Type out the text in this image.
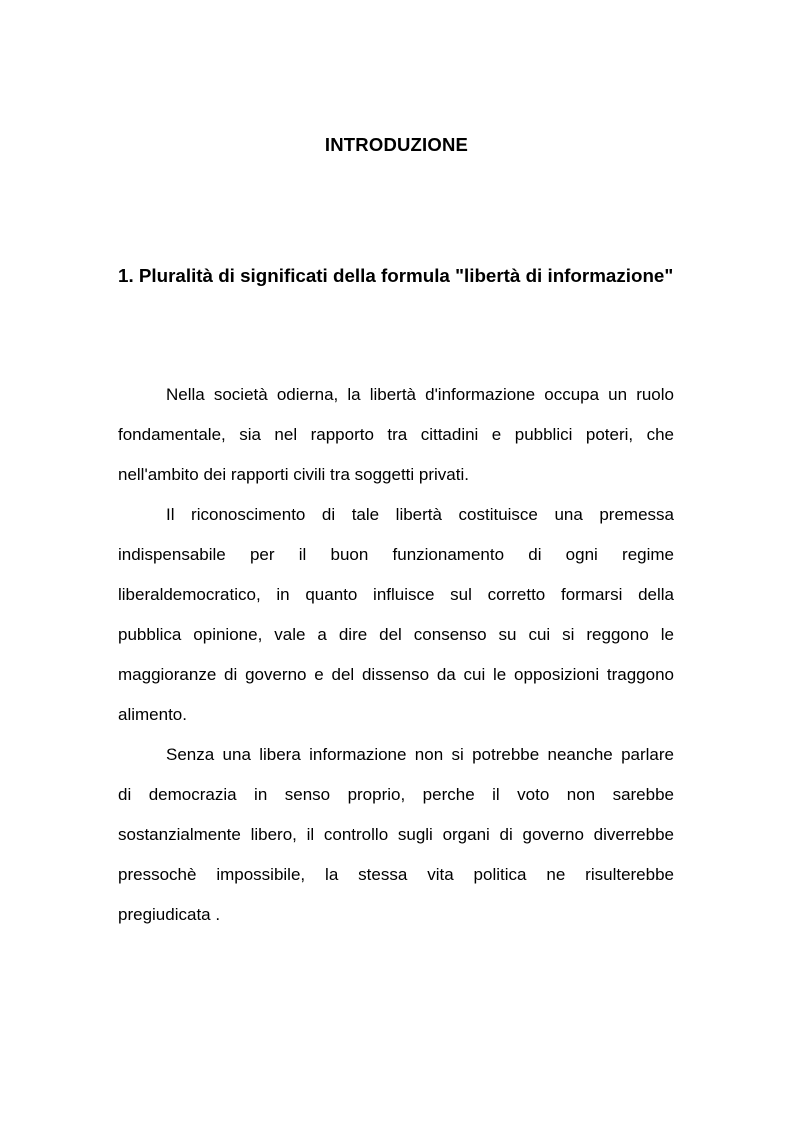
INTRODUZIONE
1. Pluralità di significati della formula "libertà di informazione"
Nella società odierna, la libertà d'informazione occupa un ruolo
fondamentale, sia nel rapporto tra cittadini e pubblici poteri, che
nell'ambito dei rapporti civili tra soggetti privati.
Il riconoscimento di tale libertà costituisce una premessa
indispensabile per il buon funzionamento di ogni regime
liberaldemocratico, in quanto influisce sul corretto formarsi della
pubblica opinione, vale a dire del consenso su cui si reggono le
maggioranze di governo e del dissenso da cui le opposizioni traggono
alimento.
Senza una libera informazione non si potrebbe neanche parlare
di democrazia in senso proprio, perche il voto non sarebbe
sostanzialmente libero, il controllo sugli organi di governo diverrebbe
pressochè impossibile, la stessa vita politica ne risulterebbe
pregiudicata .
